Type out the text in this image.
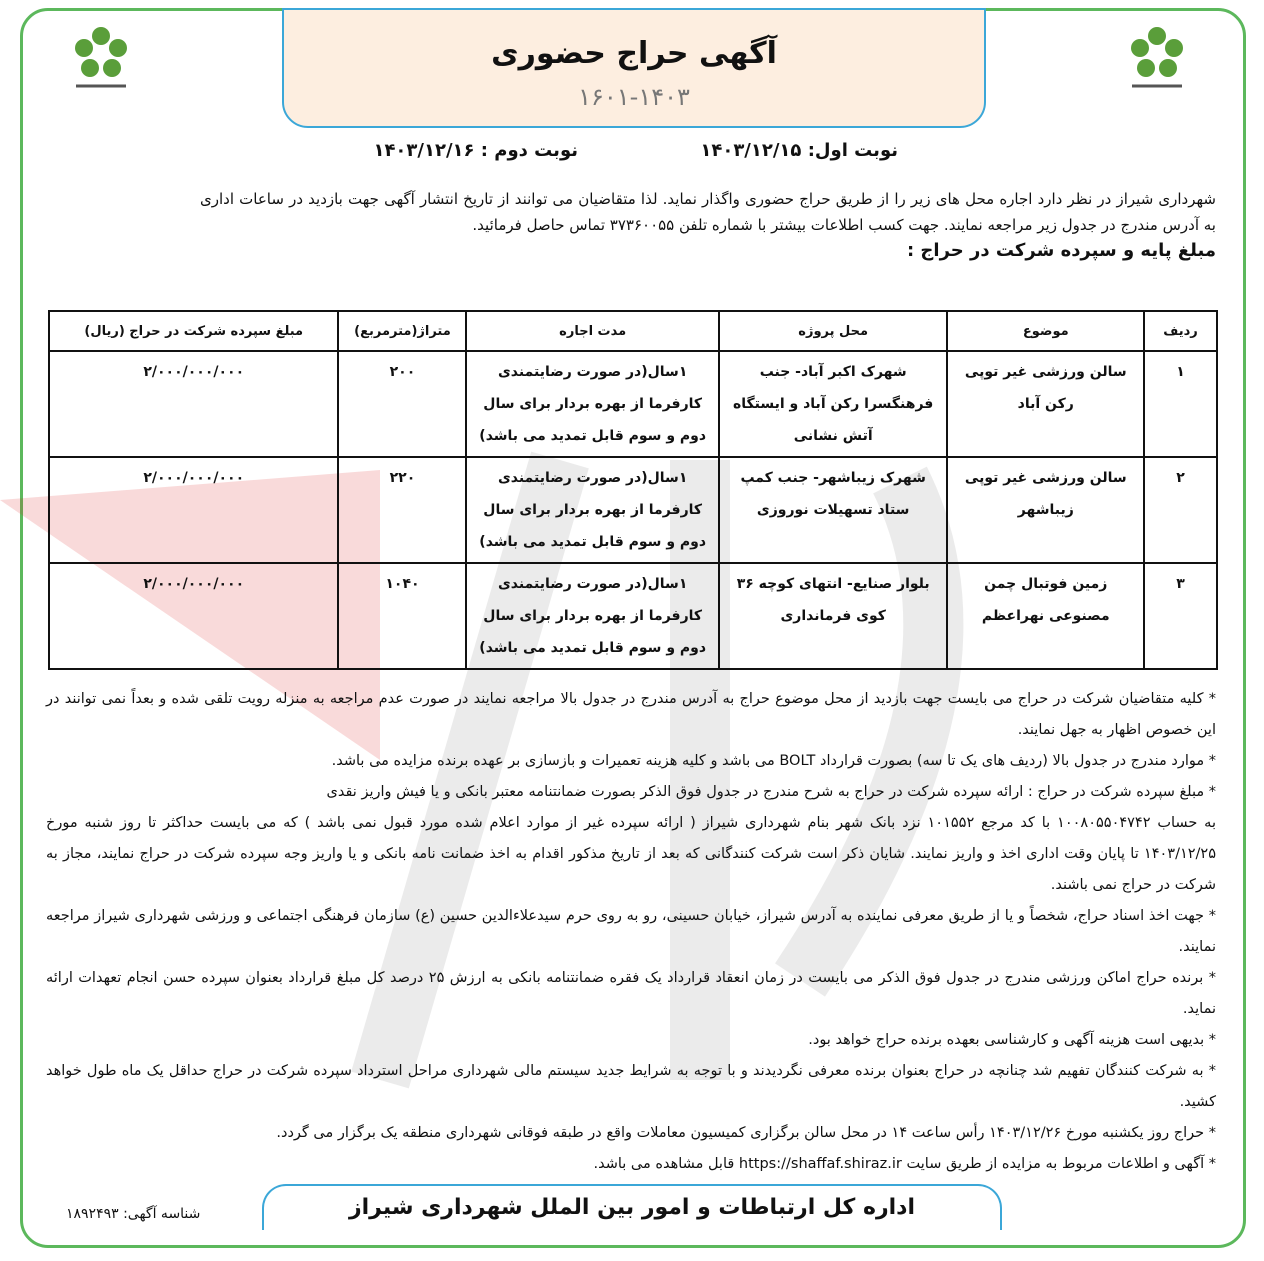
آگهی حراج حضوری
۱۶۰۱-۱۴۰۳
نوبت اول: ۱۴۰۳/۱۲/۱۵
نوبت دوم : ۱۴۰۳/۱۲/۱۶
شهرداری شیراز در نظر دارد اجاره محل های زیر را از طریق حراج حضوری واگذار نماید. لذا متقاضیان می توانند از تاریخ انتشار آگهی جهت بازدید در ساعات اداری به آدرس مندرج در جدول زیر مراجعه نمایند. جهت کسب اطلاعات بیشتر با شماره تلفن ۳۷۳۶۰۰۵۵ تماس حاصل فرمائید.
مبلغ پایه و سپرده شرکت در حراج :
ردیف	موضوع	محل پروژه	مدت اجاره	متراژ(مترمربع)	مبلغ سپرده شرکت در حراج (ریال)
۱	سالن ورزشی غیر توپی رکن آباد	شهرک اکبر آباد- جنب فرهنگسرا رکن آباد و ایستگاه آتش نشانی	۱سال(در صورت رضایتمندی کارفرما از بهره بردار برای سال دوم و سوم قابل تمدید می باشد)	۲۰۰	۲/۰۰۰/۰۰۰/۰۰۰
۲	سالن ورزشی غیر توپی زیباشهر	شهرک زیباشهر- جنب کمپ ستاد تسهیلات نوروزی	۱سال(در صورت رضایتمندی کارفرما از بهره بردار برای سال دوم و سوم قابل تمدید می باشد)	۲۲۰	۲/۰۰۰/۰۰۰/۰۰۰
۳	زمین فوتبال چمن مصنوعی نهراعظم	بلوار صنایع- انتهای کوچه ۳۶ کوی فرمانداری	۱سال(در صورت رضایتمندی کارفرما از بهره بردار برای سال دوم و سوم قابل تمدید می باشد)	۱۰۴۰	۲/۰۰۰/۰۰۰/۰۰۰

* کلیه متقاضیان شرکت در حراج می بایست جهت بازدید از محل موضوع حراج به آدرس مندرج در جدول بالا مراجعه نمایند در صورت عدم مراجعه به منزله رویت تلقی شده و بعداً نمی توانند در این خصوص اظهار به جهل نمایند.

* موارد مندرج در جدول بالا (ردیف های یک تا سه) بصورت قرارداد BOLT می باشد و کلیه هزینه تعمیرات و بازسازی بر عهده برنده مزایده می باشد.

* مبلغ سپرده شرکت در حراج : ارائه سپرده شرکت در حراج به شرح مندرج در جدول فوق الذکر بصورت ضمانتنامه معتبر بانکی و یا فیش واریز نقدی

به حساب ۱۰۰۸۰۵۵۰۴۷۴۲ با کد مرجع ۱۰۱۵۵۲ نزد بانک شهر بنام شهرداری شیراز ( ارائه سپرده غیر از موارد اعلام شده مورد قبول نمی باشد ) که می بایست حداکثر تا روز شنبه مورخ ۱۴۰۳/۱۲/۲۵ تا پایان وقت اداری اخذ و واریز نمایند. شایان ذکر است شرکت کنندگانی که بعد از تاریخ مذکور اقدام به اخذ ضمانت نامه بانکی و یا واریز وجه سپرده شرکت در حراج نمایند، مجاز به شرکت در حراج نمی باشند.

* جهت اخذ اسناد حراج، شخصاً و یا از طریق معرفی نماینده به آدرس شیراز، خیابان حسینی، رو به روی حرم سیدعلاءالدین حسین (ع) سازمان فرهنگی اجتماعی و ورزشی شهرداری شیراز مراجعه نمایند.

* برنده حراج اماکن ورزشی مندرج در جدول فوق الذکر می بایست در زمان انعقاد قرارداد یک فقره ضمانتنامه بانکی به ارزش ۲۵ درصد کل مبلغ قرارداد بعنوان سپرده حسن انجام تعهدات ارائه نماید.

* بدیهی است هزینه آگهی و کارشناسی بعهده برنده حراج خواهد بود.

* به شرکت کنندگان تفهیم شد چنانچه در حراج بعنوان برنده معرفی نگردیدند و با توجه به شرایط جدید سیستم مالی شهرداری مراحل استرداد سپرده شرکت در حراج حداقل یک ماه طول خواهد کشید.

* حراج روز یکشنبه مورخ ۱۴۰۳/۱۲/۲۶ رأس ساعت ۱۴ در محل سالن برگزاری کمیسیون معاملات واقع در طبقه فوقانی شهرداری منطقه یک برگزار می گردد.

* آگهی و اطلاعات مربوط به مزایده از طریق سایت https://shaffaf.shiraz.ir قابل مشاهده می باشد.

اداره کل ارتباطات و امور بین الملل شهرداری شیراز
شناسه آگهی: ۱۸۹۲۴۹۳
